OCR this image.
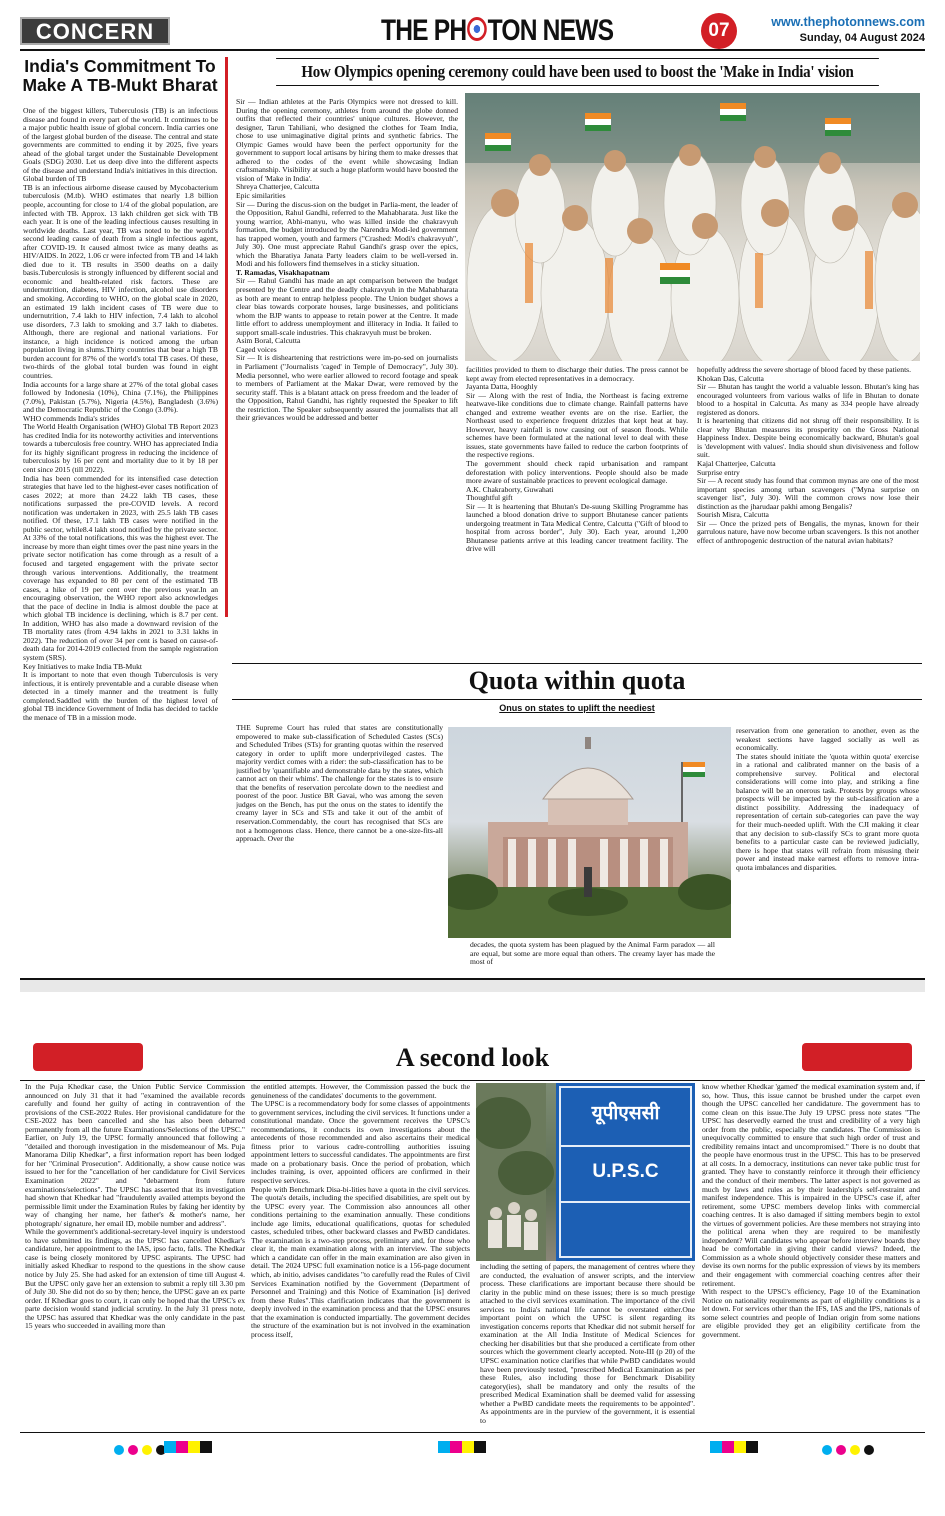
CONCERN	THE PH TON NEWS	07	www.thephotonnews.com
Sunday, 04 August 2024
India's Commitment To
Make A TB-Mukt Bharat

One of the biggest killers, Tuberculosis (TB) is an infectious disease and found in every part of the world. It continues to be a major public health issue of global concern. India carries one of the largest global burden of the disease. The central and state governments are committed to ending it by 2025, five years ahead of the global target under the Sustainable Development Goals (SDG) 2030. Let us deep dive into the different aspects of the disease and understand India's initiatives in this direction.

Global burden of TB

TB is an infectious airborne disease caused by Mycobacterium tuberculosis (M.tb). WHO estimates that nearly 1.8 billion people, accounting for close to 1/4 of the global population, are infected with TB. Approx. 13 lakh children get sick with TB each year. It is one of the leading infectious causes resulting in worldwide deaths. Last year, TB was noted to be the world's second leading cause of death from a single infectious agent, after COVID-19. It caused almost twice as many deaths as HIV/AIDS. In 2022, 1.06 cr were infected from TB and 14 lakh died due to it. TB results in 3500 deaths on a daily basis.Tuberculosis is strongly influenced by different social and economic and health-related risk factors. These are undernutrition, diabetes, HIV infection, alcohol use disorders and smoking. According to WHO, on the global scale in 2020, an estimated 19 lakh incident cases of TB were due to undernutrition, 7.4 lakh to HIV infection, 7.4 lakh to alcohol use disorders, 7.3 lakh to smoking and 3.7 lakh to diabetes. Although, there are regional and national variations. For instance, a high incidence is noticed among the urban population living in slums.Thirty countries that bear a high TB burden account for 87% of the world's total TB cases. Of these, two-thirds of the global total burden was found in eight countries.

India accounts for a large share at 27% of the total global cases followed by Indonesia (10%), China (7.1%), the Philippines (7.0%), Pakistan (5.7%), Nigeria (4.5%), Bangladesh (3.6%) and the Democratic Republic of the Congo (3.0%).

WHO commends India's strides

The World Health Organisation (WHO) Global TB Report 2023 has credited India for its noteworthy activities and interventions towards a tuberculosis free country. WHO has appreciated India for its highly significant progress in reducing the incidence of tuberculosis by 16 per cent and mortality due to it by 18 per cent since 2015 (till 2022).

India has been commended for its intensified case detection strategies that have led to the highest-ever cases notification of cases 2022; at more than 24.22 lakh TB cases, these notifications surpassed the pre-COVID levels. A record notification was undertaken in 2023, with 25.5 lakh TB cases notified. Of these, 17.1 lakh TB cases were notified in the public sector, while8.4 lakh stood notified by the private sector. At 33% of the total notifications, this was the highest ever. The increase by more than eight times over the past nine years in the private sector notification has come through as a result of a focused and targeted engagement with the private sector through various interventions. Additionally, the treatment coverage has expanded to 80 per cent of the estimated TB cases, a hike of 19 per cent over the previous year.In an encouraging observation, the WHO report also acknowledges that the pace of decline in India is almost double the pace at which global TB incidence is declining, which is 8.7 per cent. In addition, WHO has also made a downward revision of the TB mortality rates (from 4.94 lakhs in 2021 to 3.31 lakhs in 2022). The reduction of over 34 per cent is based on cause-of-death data for 2014-2019 collected from the sample registration system (SRS).

Key Initiatives to make India TB-Mukt

It is important to note that even though Tuberculosis is very infectious, it is entirely preventable and a curable disease when detected in a timely manner and the treatment is fully completed.Saddled with the burden of the highest level of global TB incidence Government of India has decided to tackle the menace of TB in a mission mode.

How Olympics opening ceremony could have been used to boost the 'Make in India' vision

Sir — Indian athletes at the Paris Olympics were not dressed to kill. During the opening ceremony, athletes from around the globe donned outfits that reflected their countries' unique cultures. However, the designer, Tarun Tahiliani, who designed the clothes for Team India, chose to use unimaginative digital prints and synthetic fabrics. The Olympic Games would have been the perfect opportunity for the government to support local artisans by hiring them to make dresses that adhered to the codes of the event while showcasing Indian craftsmanship. Visibility at such a huge platform would have boosted the vision of 'Make in India'.

Shreya Chatterjee, Calcutta

Epic similarities

Sir — During the discus-sion on the budget in Parlia-ment, the leader of the Opposition, Rahul Gandhi, referred to the Mahabharata. Just like the young warrior, Abhi-manyu, who was killed inside the chakravyuh formation, the budget introduced by the Narendra Modi-led government has trapped women, youth and farmers ("Crashed: Modi's chakravyuh", July 30). One must appreciate Rahul Gandhi's grasp over the epics, which the Bharatiya Janata Party leaders claim to be well-versed in. Modi and his followers find themselves in a sticky situation.

T. Ramadas, Visakhapatnam

Sir — Rahul Gandhi has made an apt comparison between the budget presented by the Centre and the deadly chakravyuh in the Mahabharata as both are meant to entrap helpless people. The Union budget shows a clear bias towards corporate houses, large businesses, and politicians whom the BJP wants to appease to retain power at the Centre. It made little effort to address unemployment and illiteracy in India. It failed to support small-scale industries. This chakravyuh must be broken.

Asim Boral, Calcutta

Caged voices

Sir — It is disheartening that restrictions were im-po-sed on journalists in Parliament ("Journalists 'caged' in Temple of Democracy", July 30). Media personnel, who were earlier allowed to record footage and speak to members of Parliament at the Makar Dwar, were removed by the security staff. This is a blatant attack on press freedom and the leader of the Opposition, Rahul Gandhi, has rightly requested the Speaker to lift the restriction. The Speaker subsequently assured the journalists that all their grievances would be addressed and better

facilities provided to them to discharge their duties. The press cannot be kept away from elected representatives in a democracy.

Jayanta Datta, Hooghly

Sir — Along with the rest of India, the Northeast is facing extreme heatwave-like conditions due to climate change. Rainfall patterns have changed and extreme weather events are on the rise. Earlier, the Northeast used to experience frequent drizzles that kept heat at bay. However, heavy rainfall is now causing out of season floods. While schemes have been formulated at the national level to deal with these issues, state governments have failed to reduce the carbon footprints of the respective regions.

The government should check rapid urbanisation and rampant deforestation with policy interventions. People should also be made more aware of sustainable practices to prevent ecological damage.

A.K. Chakraborty, Guwahati

Thoughtful gift

Sir — It is heartening that Bhutan's De-suung Skilling Programme has launched a blood donation drive to support Bhutanese cancer patients undergoing treatment in Tata Medical Centre, Calcutta ("Gift of blood to hospital from across border", July 30). Each year, around 1,200 Bhutanese patients arrive at this leading cancer treatment facility. The drive will

hopefully address the severe shortage of blood faced by these patients.

Khokan Das, Calcutta

Sir — Bhutan has taught the world a valuable lesson. Bhutan's king has encouraged volunteers from various walks of life in Bhutan to donate blood to a hospital in Calcutta. As many as 334 people have already registered as donors.

It is heartening that citizens did not shrug off their responsibility. It is clear why Bhutan measures its prosperity on the Gross National Happiness Index. Despite being economically backward, Bhutan's goal is 'development with values'. India should shun divisiveness and follow suit.

Kajal Chatterjee, Calcutta

Surprise entry

Sir — A recent study has found that common mynas are one of the most important species among urban scavengers ("Myna surprise on scavenger list", July 30). Will the common crows now lose their distinction as the jharudaar pakhi among Bengalis?

Sourish Misra, Calcutta

Sir — Once the prized pets of Bengalis, the mynas, known for their garrulous nature, have now become urban scavengers. Is this not another effect of anthropogenic destruction of the natural avian habitats?

Quota within quota
Onus on states to uplift the neediest

THE Supreme Court has ruled that states are constitutionally empowered to make sub-classification of Scheduled Castes (SCs) and Scheduled Tribes (STs) for granting quotas within the reserved category in order to uplift more underprivileged castes. The majority verdict comes with a rider: the sub-classification has to be justified by 'quantifiable and demonstrable data by the states, which cannot act on their whims'. The challenge for the states is to ensure that the benefits of reservation percolate down to the neediest and poorest of the poor. Justice BR Gavai, who was among the seven judges on the Bench, has put the onus on the states to identify the creamy layer in SCs and STs and take it out of the ambit of reservation.Commendably, the court has recognised that SCs are not a homogenous class. Hence, there cannot be a one-size-fits-all approach. Over the

decades, the quota system has been plagued by the Animal Farm paradox — all are equal, but some are more equal than others. The creamy layer has made the most of

reservation from one generation to another, even as the weakest sections have lagged socially as well as economically.

The states should initiate the 'quota within quota' exercise in a rational and calibrated manner on the basis of a comprehensive survey. Political and electoral considerations will come into play, and striking a fine balance will be an onerous task. Protests by groups whose prospects will be impacted by the sub-classification are a distinct possibility. Addressing the inadequacy of representation of certain sub-categories can pave the way for their much-needed uplift. With the CJI making it clear that any decision to sub-classify SCs to grant more quota benefits to a particular caste can be reviewed judicially, there is hope that states will refrain from misusing their power and instead make earnest efforts to remove intra-quota imbalances and disparities.

A second look

In the Puja Khedkar case, the Union Public Service Commission announced on July 31 that it had "examined the available records carefully and found her guilty of acting in contravention of the provisions of the CSE-2022 Rules. Her provisional candidature for the CSE-2022 has been cancelled and she has also been debarred permanently from all the future Examinations/Selections of the UPSC." Earlier, on July 19, the UPSC formally announced that following a "detailed and thorough investigation in the misdemeanour of Ms. Puja Manorama Dilip Khedkar", a first information report has been lodged for her "Criminal Prosecution". Additionally, a show cause notice was issued to her for the "cancellation of her candidature for Civil Services Examination 2022" and "debarment from future examinations/selections". The UPSC has asserted that its investigation had shown that Khedkar had "fraudulently availed attempts beyond the permissible limit under the Examination Rules by faking her identity by way of changing her name, her father's & mother's name, her photograph/ signature, her email ID, mobile number and address".

While the government's additional-secretary-level inquiry is understood to have submitted its findings, as the UPSC has cancelled Khedkar's candidature, her appointment to the IAS, ipso facto, falls. The Khedkar case is being closely monitored by UPSC aspirants. The UPSC had initially asked Khedkar to respond to the questions in the show cause notice by July 25. She had asked for an extension of time till August 4. But the UPSC only gave her an extension to submit a reply till 3.30 pm of July 30. She did not do so by then; hence, the UPSC gave an ex parte order. If Khedkar goes to court, it can only be hoped that the UPSC's ex parte decision would stand judicial scrutiny. In the July 31 press note, the UPSC has assured that Khedkar was the only candidate in the past 15 years who succeeded in availing more than

the entitled attempts. However, the Commission passed the buck the genuineness of the candidates' documents to the government.

The UPSC is a recommendatory body for some classes of appointments to government services, including the civil services. It functions under a constitutional mandate. Once the government receives the UPSC's recommendations, it conducts its own investigations about the antecedents of those recommended and also ascertains their medical fitness prior to various cadre-controlling authorities issuing appointment letters to successful candidates. The appointments are first made on a probationary basis. Once the period of probation, which includes training, is over, appointed officers are confirmed in their respective services.

People with Benchmark Disa-bi-lities have a quota in the civil services. The quota's details, including the specified disabilities, are spelt out by the UPSC every year. The Commission also announces all other conditions pertaining to the examination annually. These conditions include age limits, educational qualifications, quotas for scheduled castes, scheduled tribes, other backward classes and PwBD candidates. The examination is a two-step process, preliminary and, for those who clear it, the main examination along with an interview. The subjects which a candidate can offer in the main examination are also given in detail. The 2024 UPSC full examination notice is a 156-page document which, ab initio, advises candidates "to carefully read the Rules of Civil Services Examination notified by the Government (Department of Personnel and Training) and this Notice of Examination [is] derived from these Rules".This clarification indicates that the government is deeply involved in the examination process and that the UPSC ensures that the examination is conducted impartially. The government decides the structure of the examination but is not involved in the examination process itself,

यूपीएससी
U.P.S.C

including the setting of papers, the management of centres where they are conducted, the evaluation of answer scripts, and the interview process. These clarifications are important because there should be clarity in the public mind on these issues; there is so much prestige attached to the civil services examination. The importance of the civil services to India's national life cannot be overstated either.One important point on which the UPSC is silent regarding its investigation concerns reports that Khedkar did not submit herself for examination at the All India Institute of Medical Sciences for checking her disabilities but that she produced a certificate from other sources which the government clearly accepted. Note-III (p 20) of the UPSC examination notice clarifies that while PwBD candidates would have been previously tested, "prescribed Medical Examination as per these Rules, also including those for Benchmark Disability category(ies), shall be mandatory and only the results of the prescribed Medical Examination shall be deemed valid for assessing whether a PwBD candidate meets the requirements to be appointed". As appointments are in the purview of the government, it is essential to

know whether Khedkar 'gamed' the medical examination system and, if so, how. Thus, this issue cannot be brushed under the carpet even though the UPSC cancelled her candidature. The government has to come clean on this issue.The July 19 UPSC press note states "The UPSC has deservedly earned the trust and credibility of a very high order from the public, especially the candidates. The Commission is unequivocally committed to ensure that such high order of trust and credibility remains intact and uncompromised." There is no doubt that the people have enormous trust in the UPSC. This has to be preserved at all costs. In a democracy, institutions can never take public trust for granted. They have to constantly reinforce it through their efficiency and the conduct of their members. The latter aspect is not governed as much by laws and rules as by their leadership's self-restraint and manifest independence. This is impaired in the UPSC's case if, after retirement, some UPSC members develop links with commercial coaching centres. It is also damaged if sitting members begin to extol the virtues of government policies. Are these members not straying into the political arena when they are required to be manifestly independent? Will candidates who appear before interview boards they head be comfortable in giving their candid views? Indeed, the Commission as a whole should objectively consider these matters and devise its own norms for the public expression of views by its members and their engagement with commercial coaching centres after their retirement.

With respect to the UPSC's efficiency, Page 10 of the Examination Notice on nationality requirements as part of eligibility conditions is a let down. For services other than the IFS, IAS and the IPS, nationals of some select countries and people of Indian origin from some nations are eligible provided they get an eligibility certificate from the government.
